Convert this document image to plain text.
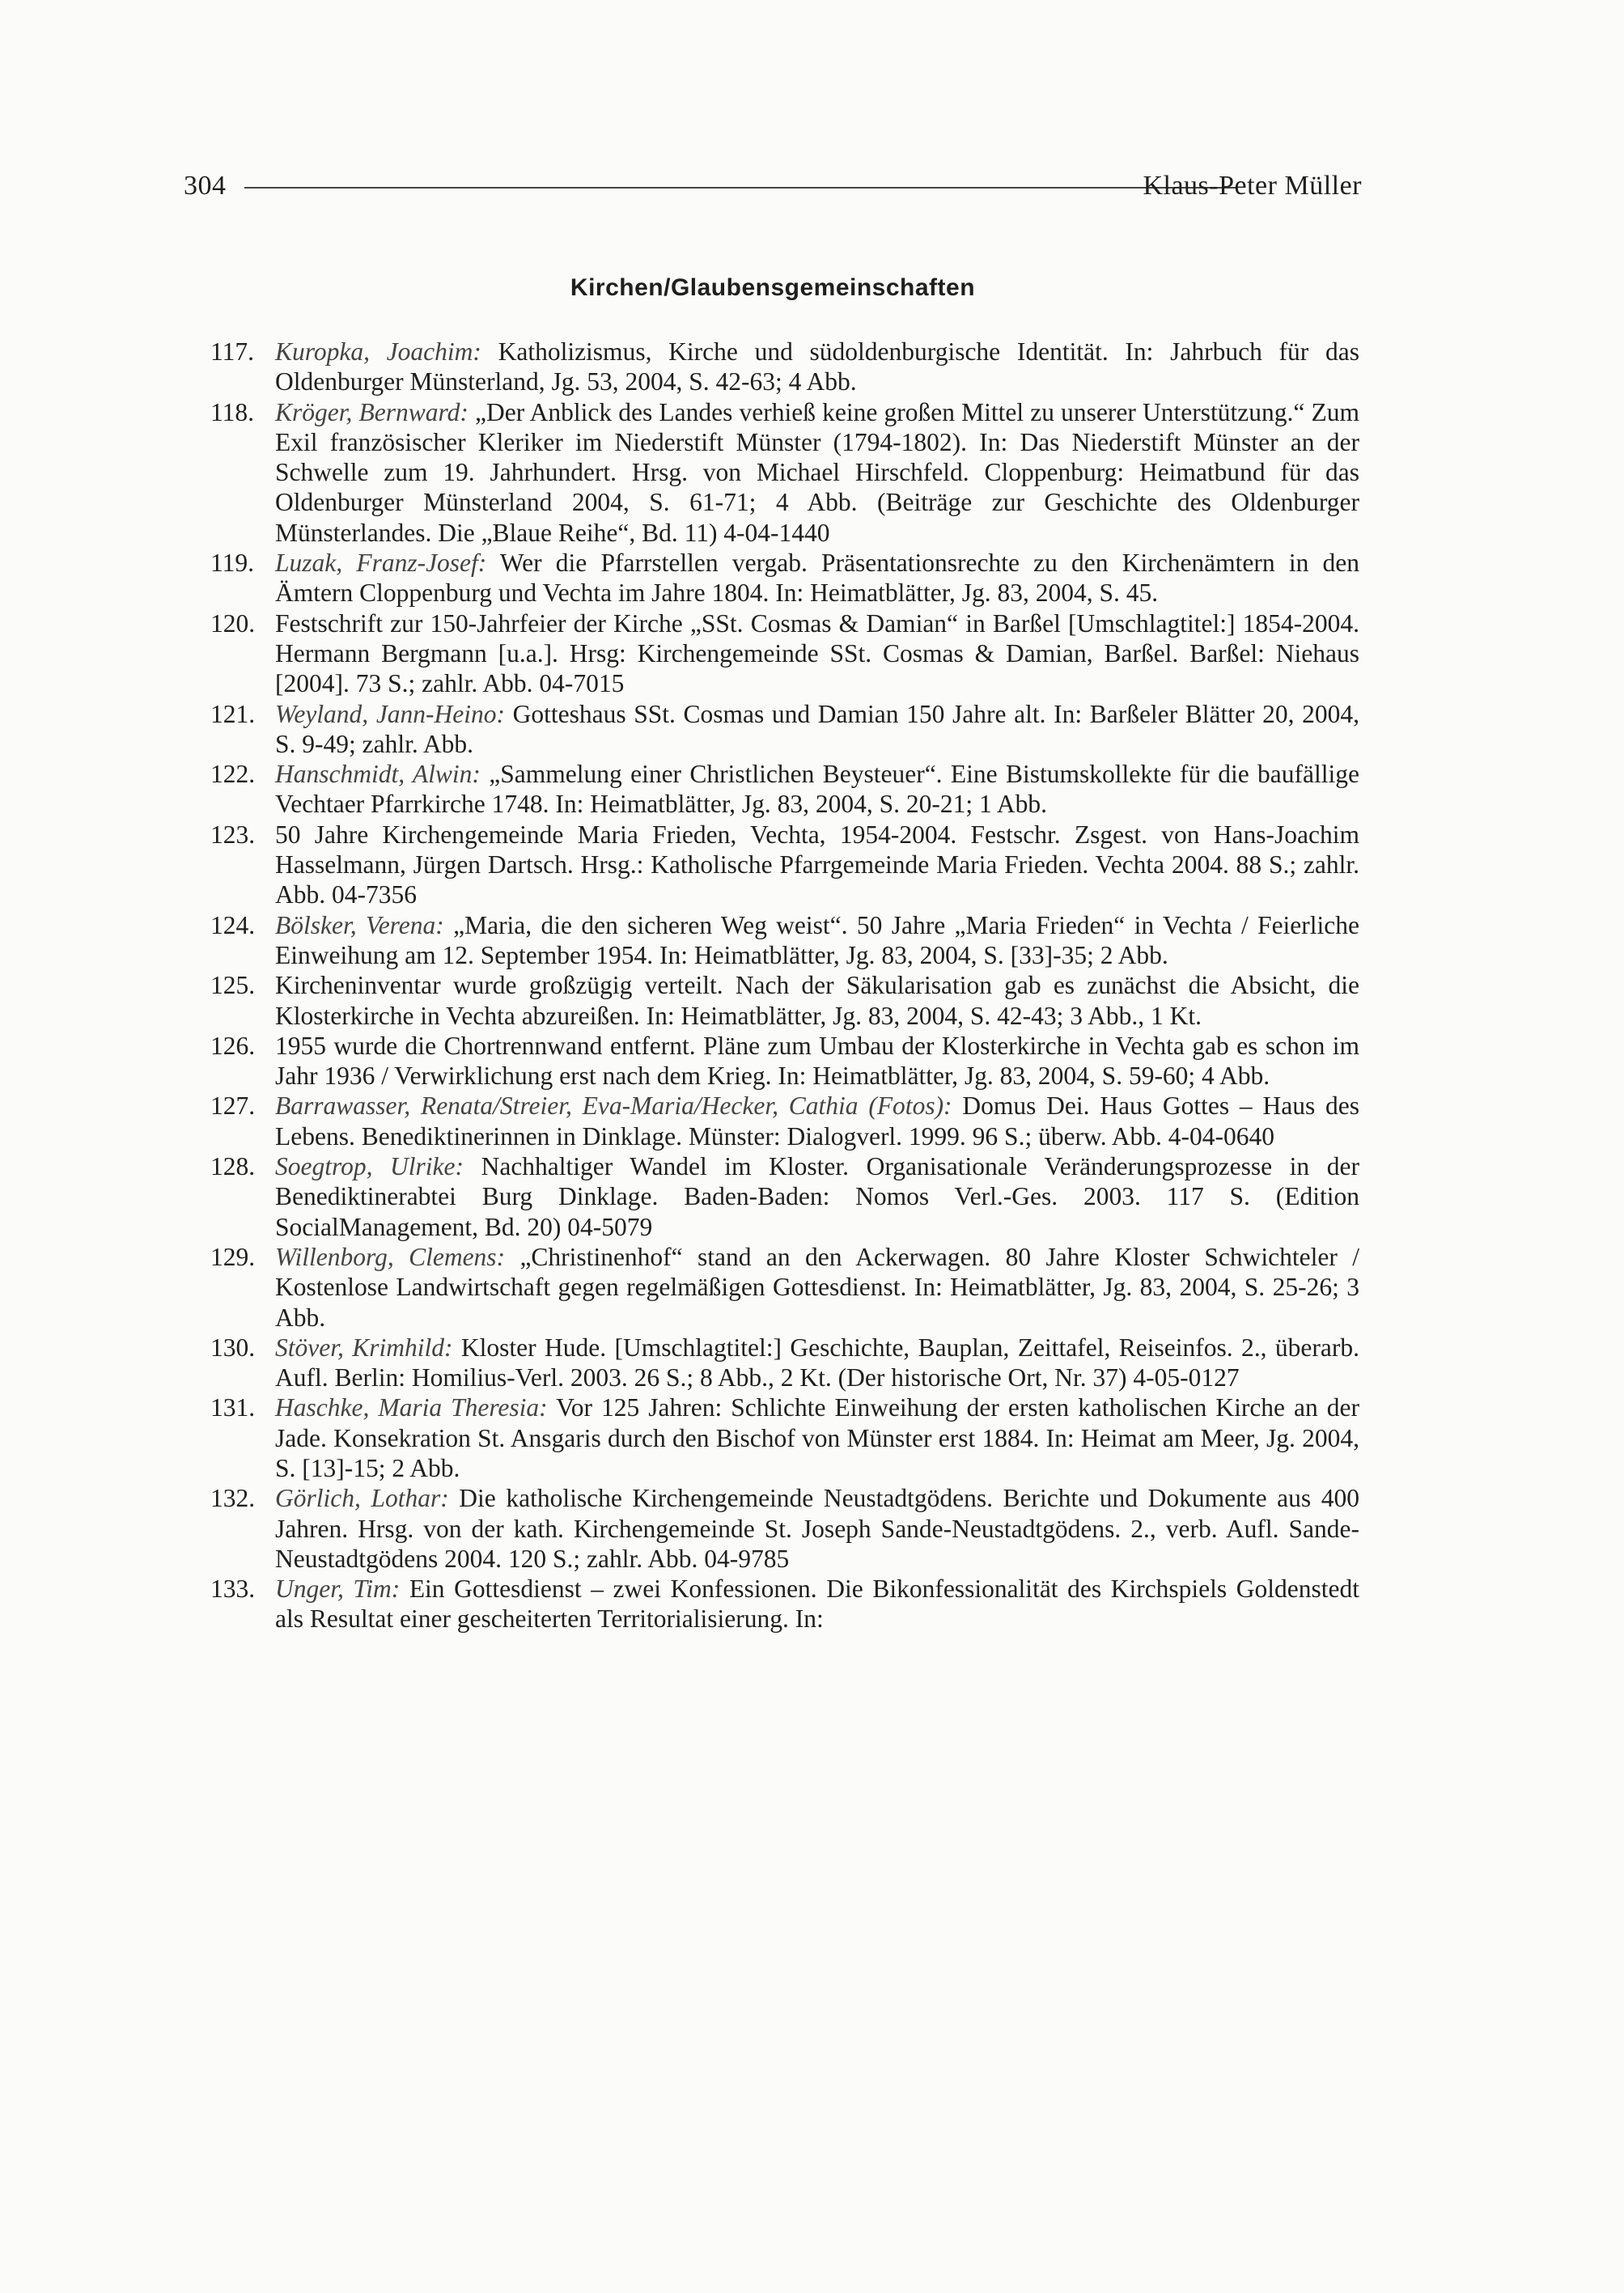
304	Klaus-Peter Müller
Kirchen/Glaubensgemeinschaften
117. Kuropka, Joachim: Katholizismus, Kirche und südoldenburgische Identität. In: Jahrbuch für das Oldenburger Münsterland, Jg. 53, 2004, S. 42-63; 4 Abb.
118. Kröger, Bernward: „Der Anblick des Landes verhieß keine großen Mittel zu unserer Unterstützung.“ Zum Exil französischer Kleriker im Niederstift Münster (1794-1802). In: Das Niederstift Münster an der Schwelle zum 19. Jahrhundert. Hrsg. von Michael Hirschfeld. Cloppenburg: Heimatbund für das Oldenburger Münsterland 2004, S. 61-71; 4 Abb. (Beiträge zur Geschichte des Oldenburger Münsterlandes. Die „Blaue Reihe“, Bd. 11) 4-04-1440
119. Luzak, Franz-Josef: Wer die Pfarrstellen vergab. Präsentationsrechte zu den Kirchenämtern in den Ämtern Cloppenburg und Vechta im Jahre 1804. In: Heimatblätter, Jg. 83, 2004, S. 45.
120. Festschrift zur 150-Jahrfeier der Kirche „SSt. Cosmas & Damian“ in Barßel [Umschlagtitel:] 1854-2004. Hermann Bergmann [u.a.]. Hrsg: Kirchengemeinde SSt. Cosmas & Damian, Barßel. Barßel: Niehaus [2004]. 73 S.; zahlr. Abb. 04-7015
121. Weyland, Jann-Heino: Gotteshaus SSt. Cosmas und Damian 150 Jahre alt. In: Barßeler Blätter 20, 2004, S. 9-49; zahlr. Abb.
122. Hanschmidt, Alwin: „Sammelung einer Christlichen Beysteuer“. Eine Bistumskollekte für die baufällige Vechtaer Pfarrkirche 1748. In: Heimatblätter, Jg. 83, 2004, S. 20-21; 1 Abb.
123. 50 Jahre Kirchengemeinde Maria Frieden, Vechta, 1954-2004. Festschr. Zsgest. von Hans-Joachim Hasselmann, Jürgen Dartsch. Hrsg.: Katholische Pfarrgemeinde Maria Frieden. Vechta 2004. 88 S.; zahlr. Abb. 04-7356
124. Bölsker, Verena: „Maria, die den sicheren Weg weist“. 50 Jahre „Maria Frieden“ in Vechta / Feierliche Einweihung am 12. September 1954. In: Heimatblätter, Jg. 83, 2004, S. [33]-35; 2 Abb.
125. Kircheninventar wurde großzügig verteilt. Nach der Säkularisation gab es zunächst die Absicht, die Klosterkirche in Vechta abzureißen. In: Heimatblätter, Jg. 83, 2004, S. 42-43; 3 Abb., 1 Kt.
126. 1955 wurde die Chortrennwand entfernt. Pläne zum Umbau der Klosterkirche in Vechta gab es schon im Jahr 1936 / Verwirklichung erst nach dem Krieg. In: Heimatblätter, Jg. 83, 2004, S. 59-60; 4 Abb.
127. Barrawasser, Renata/Streier, Eva-Maria/Hecker, Cathia (Fotos): Domus Dei. Haus Gottes – Haus des Lebens. Benediktinerinnen in Dinklage. Münster: Dialogverl. 1999. 96 S.; überw. Abb. 4-04-0640
128. Soegtrop, Ulrike: Nachhaltiger Wandel im Kloster. Organisationale Veränderungsprozesse in der Benediktinerabtei Burg Dinklage. Baden-Baden: Nomos Verl.-Ges. 2003. 117 S. (Edition SocialManagement, Bd. 20) 04-5079
129. Willenborg, Clemens: „Christinenhof“ stand an den Ackerwagen. 80 Jahre Kloster Schwichteler / Kostenlose Landwirtschaft gegen regelmäßigen Gottesdienst. In: Heimatblätter, Jg. 83, 2004, S. 25-26; 3 Abb.
130. Stöver, Krimhild: Kloster Hude. [Umschlagtitel:] Geschichte, Bauplan, Zeittafel, Reiseinfos. 2., überarb. Aufl. Berlin: Homilius-Verl. 2003. 26 S.; 8 Abb., 2 Kt. (Der historische Ort, Nr. 37) 4-05-0127
131. Haschke, Maria Theresia: Vor 125 Jahren: Schlichte Einweihung der ersten katholischen Kirche an der Jade. Konsekration St. Ansgaris durch den Bischof von Münster erst 1884. In: Heimat am Meer, Jg. 2004, S. [13]-15; 2 Abb.
132. Görlich, Lothar: Die katholische Kirchengemeinde Neustadtgödens. Berichte und Dokumente aus 400 Jahren. Hrsg. von der kath. Kirchengemeinde St. Joseph Sande-Neustadtgödens. 2., verb. Aufl. Sande-Neustadtgödens 2004. 120 S.; zahlr. Abb. 04-9785
133. Unger, Tim: Ein Gottesdienst – zwei Konfessionen. Die Bikonfessionalität des Kirchspiels Goldenstedt als Resultat einer gescheiterten Territorialisierung. In:
